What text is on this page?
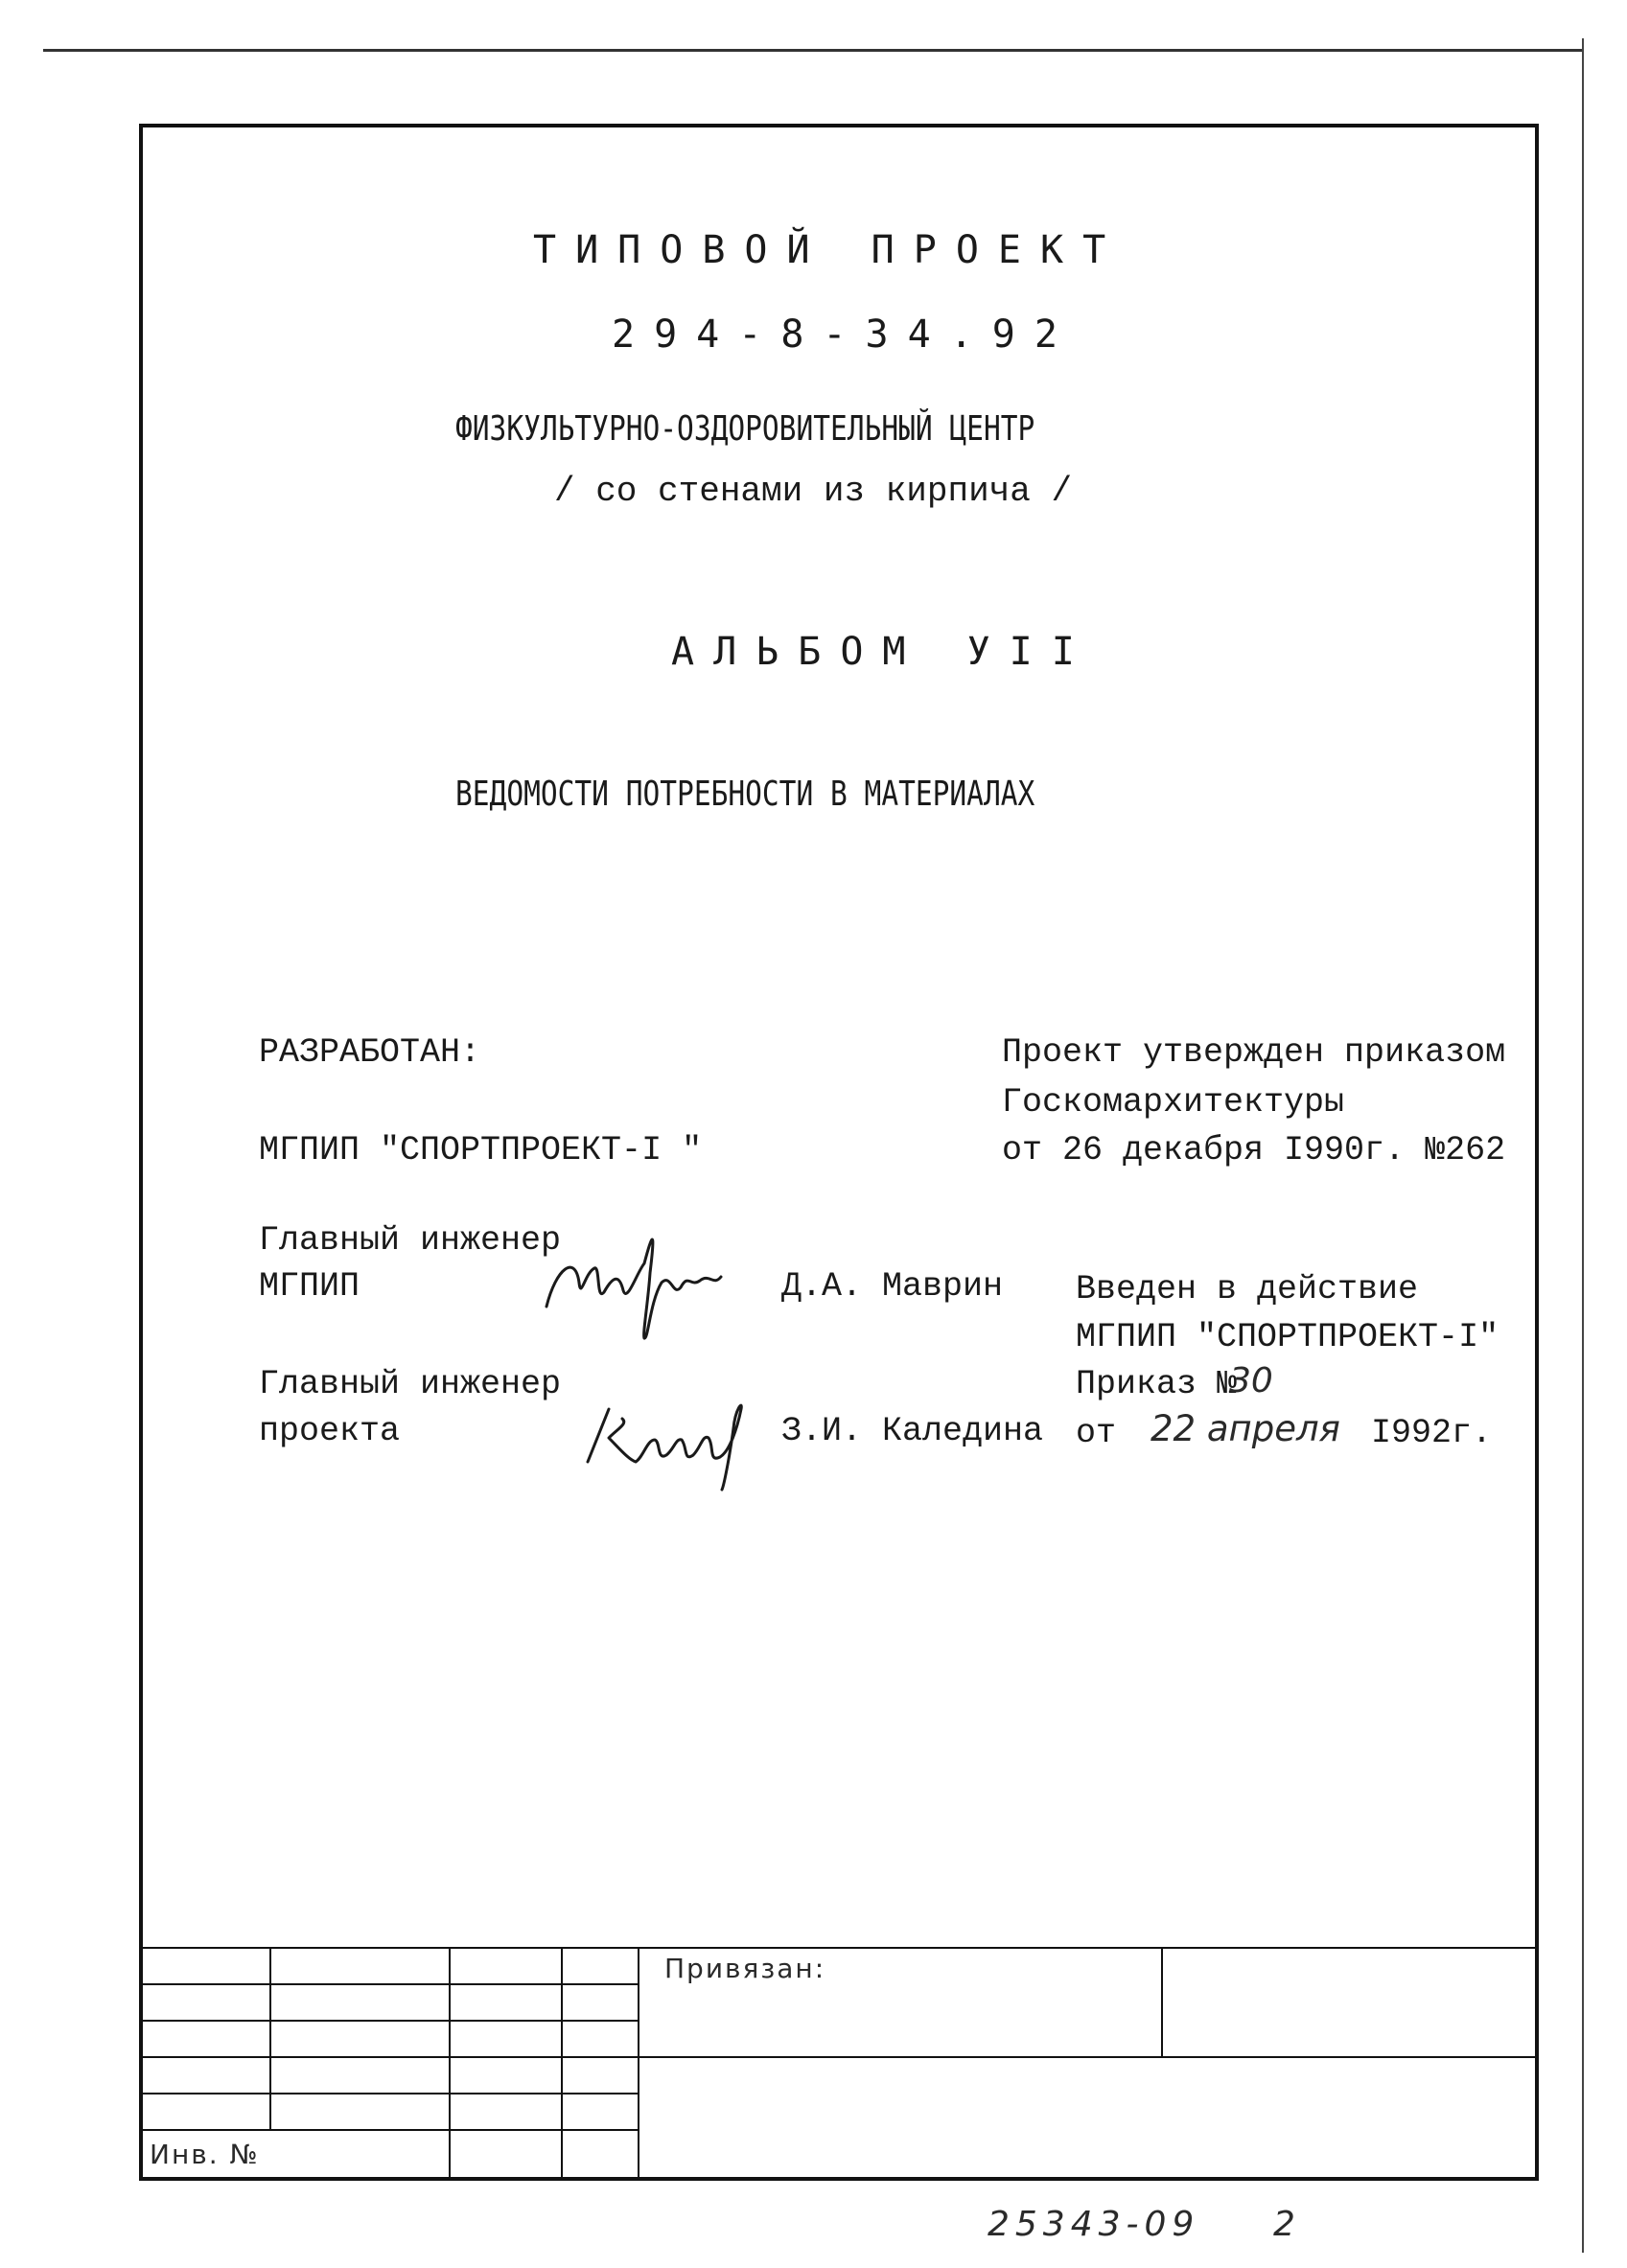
ТИПОВОЙ ПРОЕКТ
294-8-34.92
ФИЗКУЛЬТУРНО-ОЗДОРОВИТЕЛЬНЫЙ ЦЕНТР
/ со стенами из кирпича /
АЛЬБОМ УII
ВЕДОМОСТИ ПОТРЕБНОСТИ В МАТЕРИАЛАХ
РАЗРАБОТАН:
МГПИП "СПОРТПРОЕКТ-I "
Проект утвержден приказом
Госкомархитектуры
от 26 декабря I990г. №262
Главный инженер
МГПИП	Д.А. Маврин
Главный инженер
проекта	З.И. Каледина
Введен в действие
МГПИП "СПОРТПРОЕКТ-I"
Приказ №
30
от 22 апреля I992г.
Привязан:
Инв. №
25343-09 2
